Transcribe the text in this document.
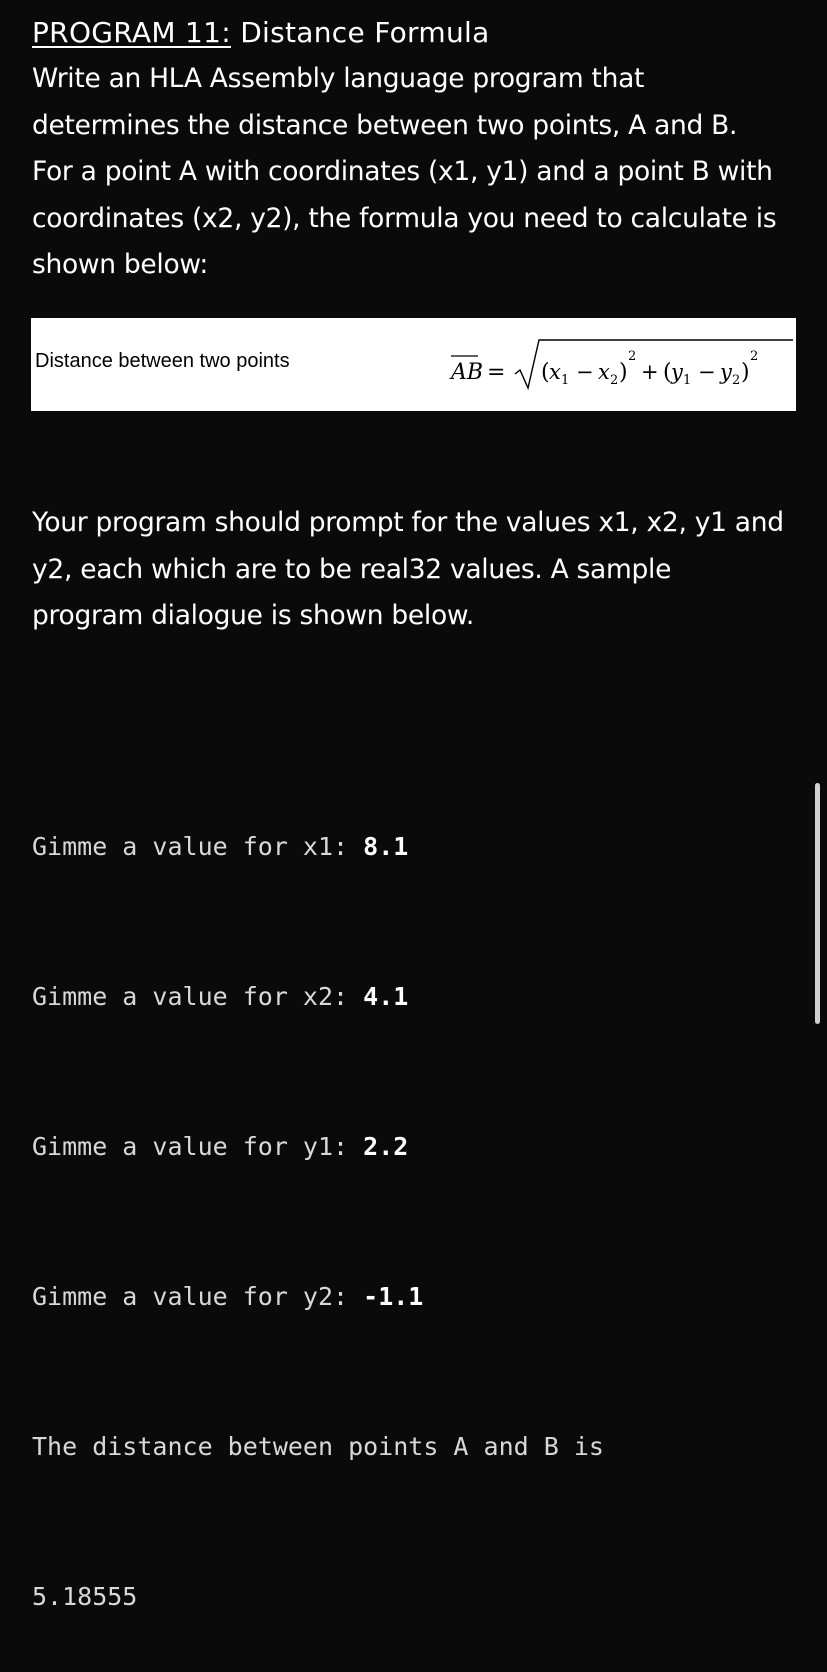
PROGRAM 11: Distance Formula

Write an HLA Assembly language program that

determines the distance between two points, A and B.

For a point A with coordinates (x1, y1) and a point B with

coordinates (x2, y2), the formula you need to calculate is

shown below:

Distance between two points	AB = ( x 1 − x 2 )
2
+ ( y 1 − y 2 )
2

Your program should prompt for the values x1, x2, y1 and

y2, each which are to be real32 values. A sample

program dialogue is shown below.

Gimme a value for x1: 8.1

Gimme a value for x2: 4.1

Gimme a value for y1: 2.2

Gimme a value for y2: -1.1

The distance between points A and B is

5.18555
